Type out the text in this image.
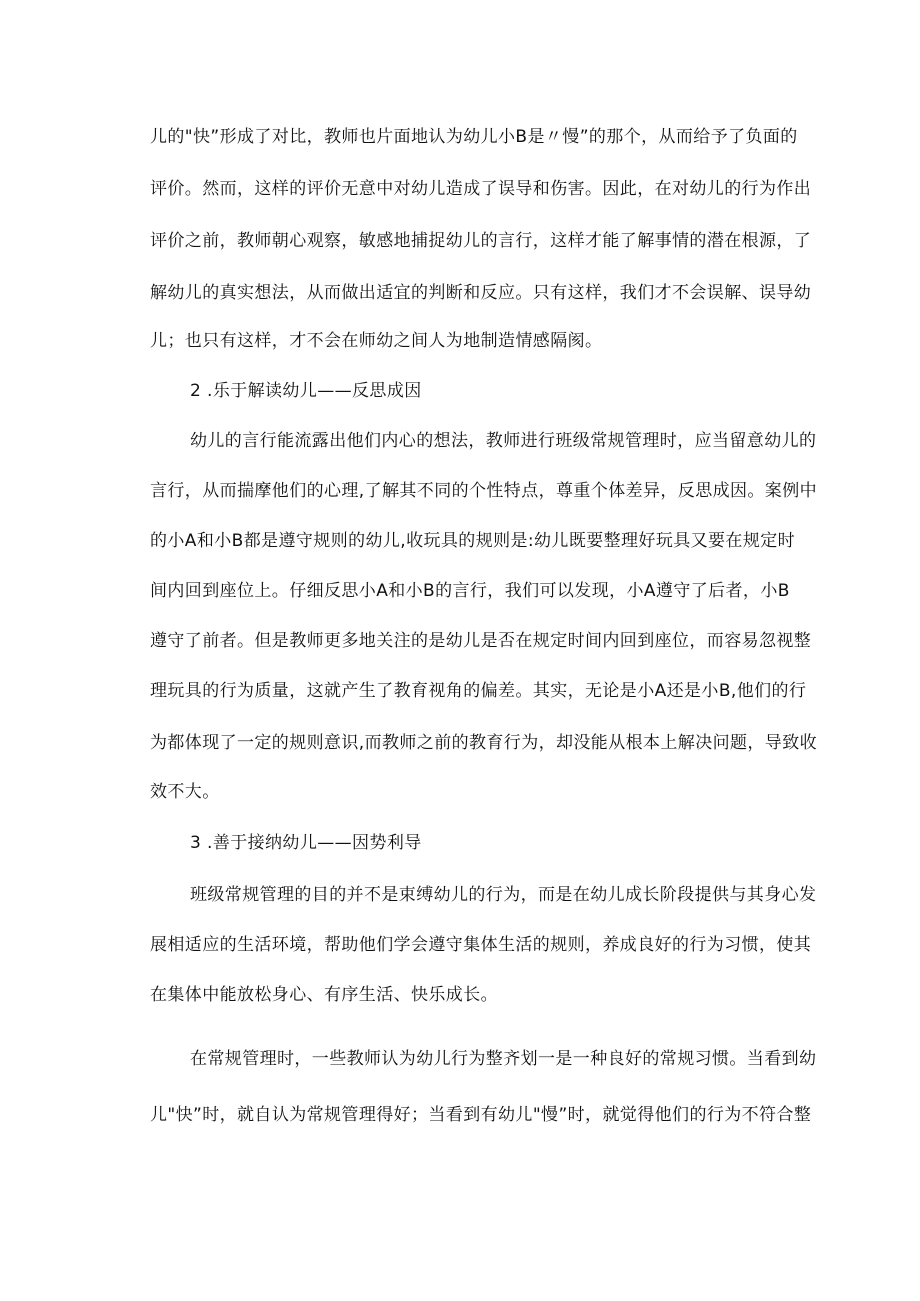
儿的"快”形成了对比，教师也片面地认为幼儿小B是〃慢”的那个，从而给予了负面的
评价。然而，这样的评价无意中对幼儿造成了误导和伤害。因此，在对幼儿的行为作出
评价之前，教师朝心观察，敏感地捕捉幼儿的言行，这样才能了解事情的潜在根源，了
解幼儿的真实想法，从而做出适宜的判断和反应。只有这样，我们才不会误解、误导幼
儿；也只有这样，才不会在师幼之间人为地制造情感隔阂。
2 .乐于解读幼儿——反思成因
幼儿的言行能流露出他们内心的想法，教师进行班级常规管理时，应当留意幼儿的
言行，从而揣摩他们的心理,了解其不同的个性特点，尊重个体差异，反思成因。案例中
的小A和小B都是遵守规则的幼儿,收玩具的规则是:幼儿既要整理好玩具又要在规定时
间内回到座位上。仔细反思小A和小B的言行，我们可以发现，小A遵守了后者，小B
遵守了前者。但是教师更多地关注的是幼儿是否在规定时间内回到座位，而容易忽视整
理玩具的行为质量，这就产生了教育视角的偏差。其实，无论是小A还是小B,他们的行
为都体现了一定的规则意识,而教师之前的教育行为，却没能从根本上解决问题，导致收
效不大。
3 .善于接纳幼儿——因势利导
班级常规管理的目的并不是束缚幼儿的行为，而是在幼儿成长阶段提供与其身心发
展相适应的生活环境，帮助他们学会遵守集体生活的规则，养成良好的行为习惯，使其
在集体中能放松身心、有序生活、快乐成长。
在常规管理时，一些教师认为幼儿行为整齐划一是一种良好的常规习惯。当看到幼
儿"快”时，就自认为常规管理得好；当看到有幼儿"慢”时，就觉得他们的行为不符合整
